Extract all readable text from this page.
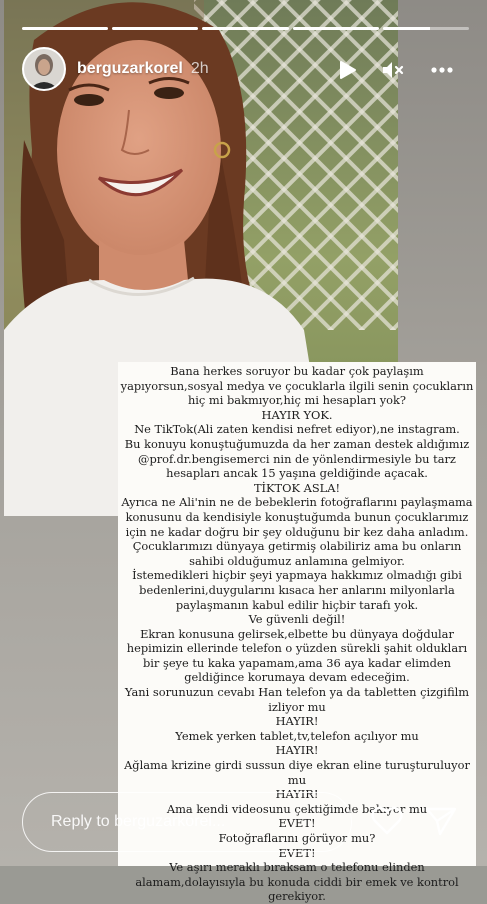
berguzarkorel 2h
Bana herkes soruyor bu kadar çok paylaşım yapıyorsun,sosyal medya ve çocuklarla ilgili senin çocukların hiç mi bakmıyor,hiç mi hesapları yok?
HAYIR YOK.
Ne TikTok(Ali zaten kendisi nefret ediyor),ne instagram.
Bu konuyu konuştuğumuzda da her zaman destek aldığımız @prof.dr.bengisemerci nin de yönlendirmesiyle bu tarz hesapları ancak 15 yaşına geldiğinde açacak.
TİKTOK ASLA!
Ayrıca ne Ali'nin ne de bebeklerin fotoğraflarını paylaşmama konusunu da kendisiyle konuştuğumda bunun çocuklarımız için ne kadar doğru bir şey olduğunu bir kez daha anladım.
Çocuklarımızı dünyaya getirmiş olabiliriz ama bu onların sahibi olduğumuz anlamına gelmiyor.
İstemedikleri hiçbir şeyi yapmaya hakkımız olmadığı gibi bedenlerini,duygularını kısaca her anlarını milyonlarla paylaşmanın kabul edilir hiçbir tarafı yok.
Ve güvenli değil!
Ekran konusuna gelirsek,elbette bu dünyaya doğdular hepimizin ellerinde telefon o yüzden sürekli şahit oldukları bir şeye tu kaka yapamam,ama 36 aya kadar elimden geldiğince korumaya devam edeceğim.
Yani sorunuzun cevabı Han telefon ya da tabletten çizgifilm izliyor mu
HAYIR!
Yemek yerken tablet,tv,telefon açılıyor mu
HAYIR!
Ağlama krizine girdi sussun diye ekran eline turuşturuluyor mu
HAYIR!
Ama kendi videosunu çektiğimde bakıyor mu
EVET!
Fotoğraflarını görüyor mu?
EVET!
Ve aşırı meraklı bıraksam o telefonu elinden alamam,dolayısıyla bu konuda ciddi bir emek ve kontrol gerekiyor.
Reply to berguzarkorel...
